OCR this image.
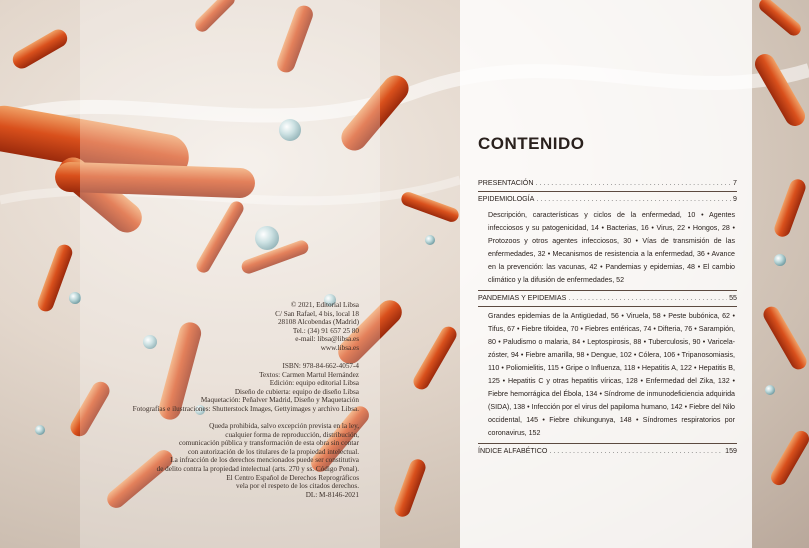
© 2021, Editorial Libsa
C/ San Rafael, 4 bis, local 18
28108 Alcobendas (Madrid)
Tel.: (34) 91 657 25 80
e-mail: libsa@libsa.es
www.libsa.es
ISBN: 978-84-662-4057-4
Textos: Carmen Martul Hernández
Edición: equipo editorial Libsa
Diseño de cubierta: equipo de diseño Libsa
Maquetación: Peñalver Madrid, Diseño y Maquetación
Fotografías e ilustraciones: Shutterstock Images, Gettyimages y archivo Libsa.
Queda prohibida, salvo excepción prevista en la ley,
cualquier forma de reproducción, distribución,
comunicación pública y transformación de esta obra sin contar
con autorización de los titulares de la propiedad intelectual.
La infracción de los derechos mencionados puede ser constitutiva
de delito contra la propiedad intelectual (arts. 270 y ss. Código Penal).
El Centro Español de Derechos Reprográficos
vela por el respeto de los citados derechos.
DL: M-8146-2021
CONTENIDO
PRESENTACIÓN . . .	7
EPIDEMIOLOGÍA . . .	9
Descripción, características y ciclos de la enfermedad, 10 • Agentes infecciosos y su patogenicidad, 14 • Bacterias, 16 • Virus, 22 • Hongos, 28 • Protozoos y otros agentes infecciosos, 30 • Vías de transmisión de las enfermedades, 32 • Mecanismos de resistencia a la enfermedad, 36 • Avance en la prevención: las vacunas, 42 • Pandemias y epidemias, 48 • El cambio climático y la difusión de enfermedades, 52
PANDEMIAS Y EPIDEMIAS . . .	55
Grandes epidemias de la Antigüedad, 56 • Viruela, 58 • Peste bubónica, 62 • Tifus, 67 • Fiebre tifoidea, 70 • Fiebres entéricas, 74 • Difteria, 76 • Sarampión, 80 • Paludismo o malaria, 84 • Leptospirosis, 88 • Tuberculosis, 90 • Varicela-zóster, 94 • Fiebre amarilla, 98 • Dengue, 102 • Cólera, 106 • Tripanosomiasis, 110 • Poliomielitis, 115 • Gripe o Influenza, 118 • Hepatitis A, 122 • Hepatitis B, 125 • Hepatitis C y otras hepatitis víricas, 128 • Enfermedad del Zika, 132 • Fiebre hemorrágica del Ébola, 134 • Síndrome de inmunodeficiencia adquirida (SIDA), 138 • Infección por el virus del papiloma humano, 142 • Fiebre del Nilo occidental, 145 • Fiebre chikungunya, 148 • Síndromes respiratorios por coronavirus, 152
ÍNDICE ALFABÉTICO . . .	159
